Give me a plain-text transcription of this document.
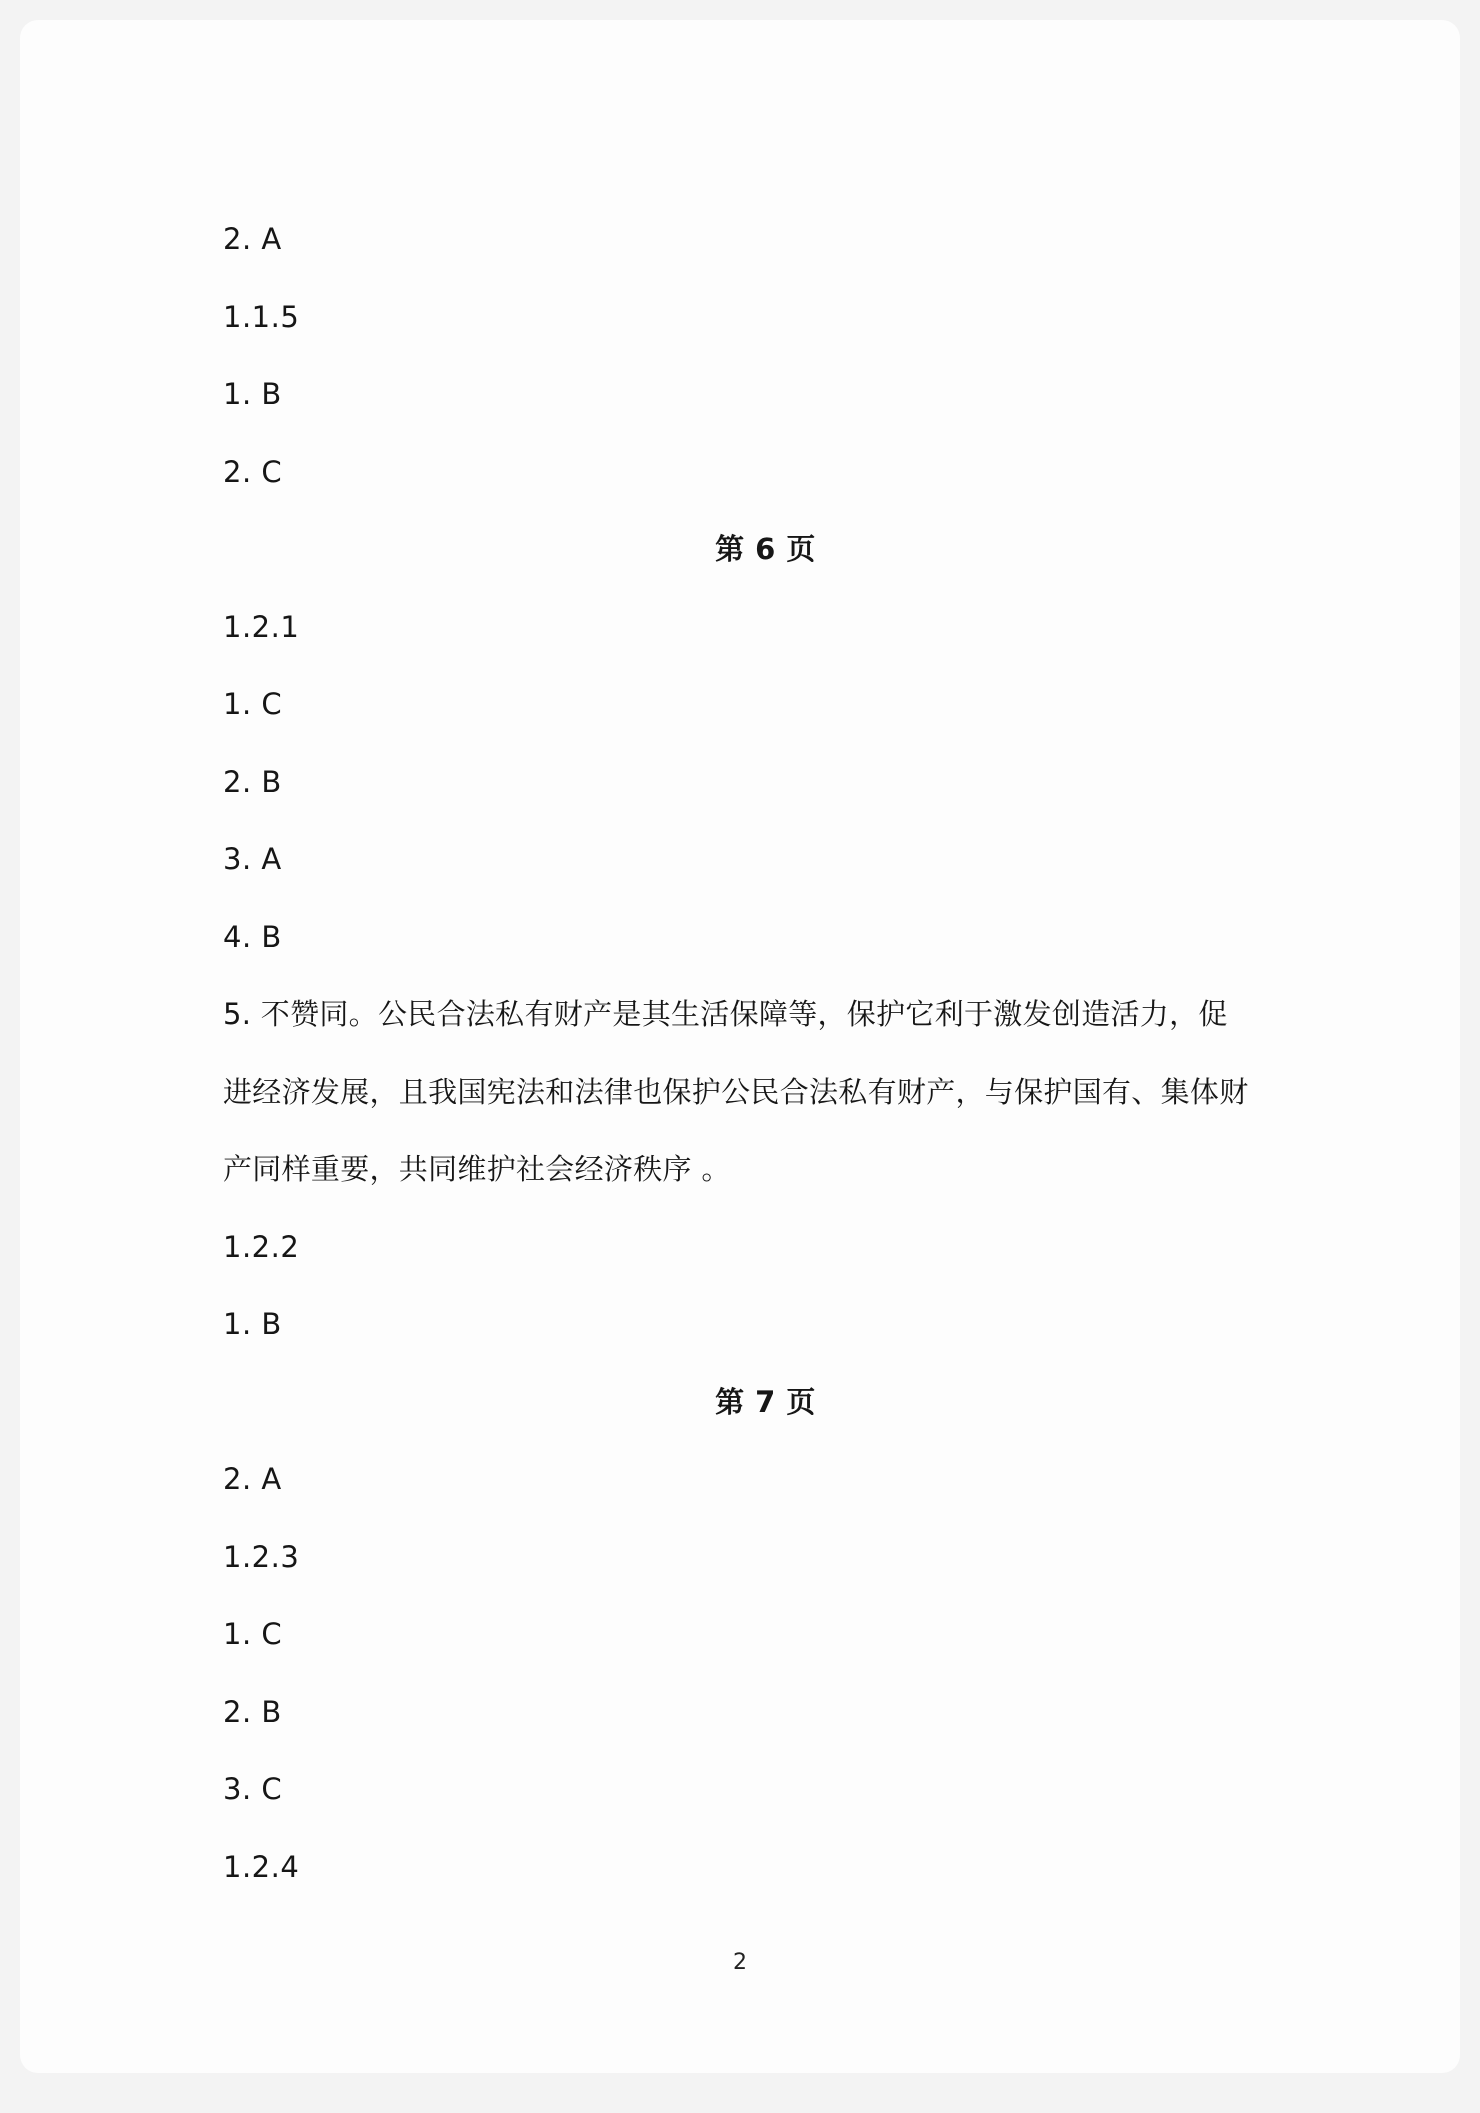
2. A
1.1.5
1. B
2. C
第 6 页
1.2.1
1. C
2. B
3. A
4. B
5. 不赞同。公民合法私有财产是其生活保障等，保护它利于激发创造活力，促
进经济发展，且我国宪法和法律也保护公民合法私有财产，与保护国有、集体财
产同样重要，共同维护社会经济秩序 。
1.2.2
1. B
第 7 页
2. A
1.2.3
1. C
2. B
3. C
1.2.4
2
